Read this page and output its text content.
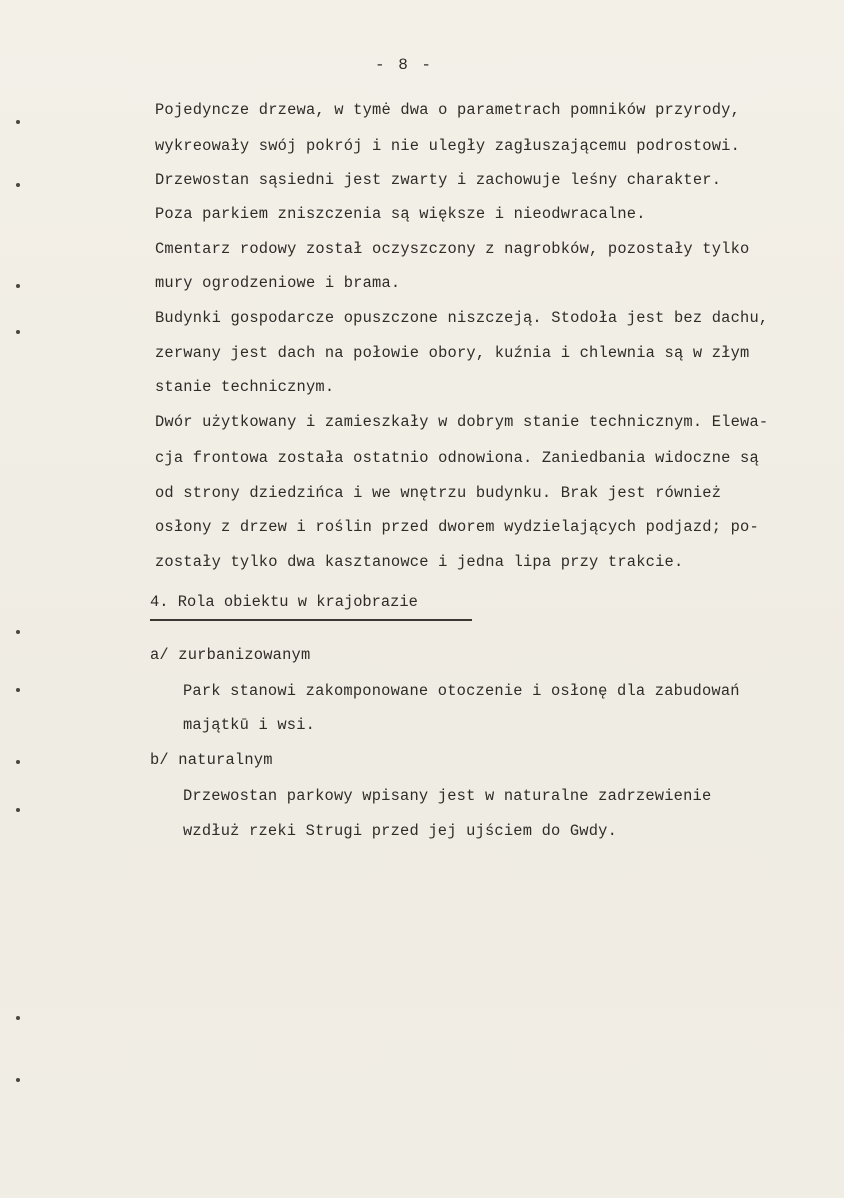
- 8 -
Pojedyncze drzewa, w tymė dwa o parametrach pomników przyrody,
wykreowały swój pokrój i nie uległy zagłuszającemu podrostowi.
Drzewostan sąsiedni jest zwarty i zachowuje leśny charakter.
Poza parkiem zniszczenia są większe i nieodwracalne.
Cmentarz rodowy został oczyszczony z nagrobków, pozostały tylko
mury ogrodzeniowe i brama.
Budynki gospodarcze opuszczone niszczeją. Stodoła jest bez dachu,
zerwany jest dach na połowie obory, kuźnia i chlewnia są w złym
stanie technicznym.
Dwór użytkowany i zamieszkały w dobrym stanie technicznym. Elewa-
cja frontowa została ostatnio odnowiona. Zaniedbania widoczne są
od strony dziedzińca i we wnętrzu budynku. Brak jest również
osłony z drzew i roślin przed dworem wydzielających podjazd; po-
zostały tylko dwa kasztanowce i jedna lipa przy trakcie.
4. Rola obiektu w krajobrazie
a/ zurbanizowanym
Park stanowi zakomponowane otoczenie i osłonę dla zabudowań
majątkū i wsi.
b/ naturalnym
Drzewostan parkowy wpisany jest w naturalne zadrzewienie
wzdłuż rzeki Strugi przed jej ujściem do Gwdy.
